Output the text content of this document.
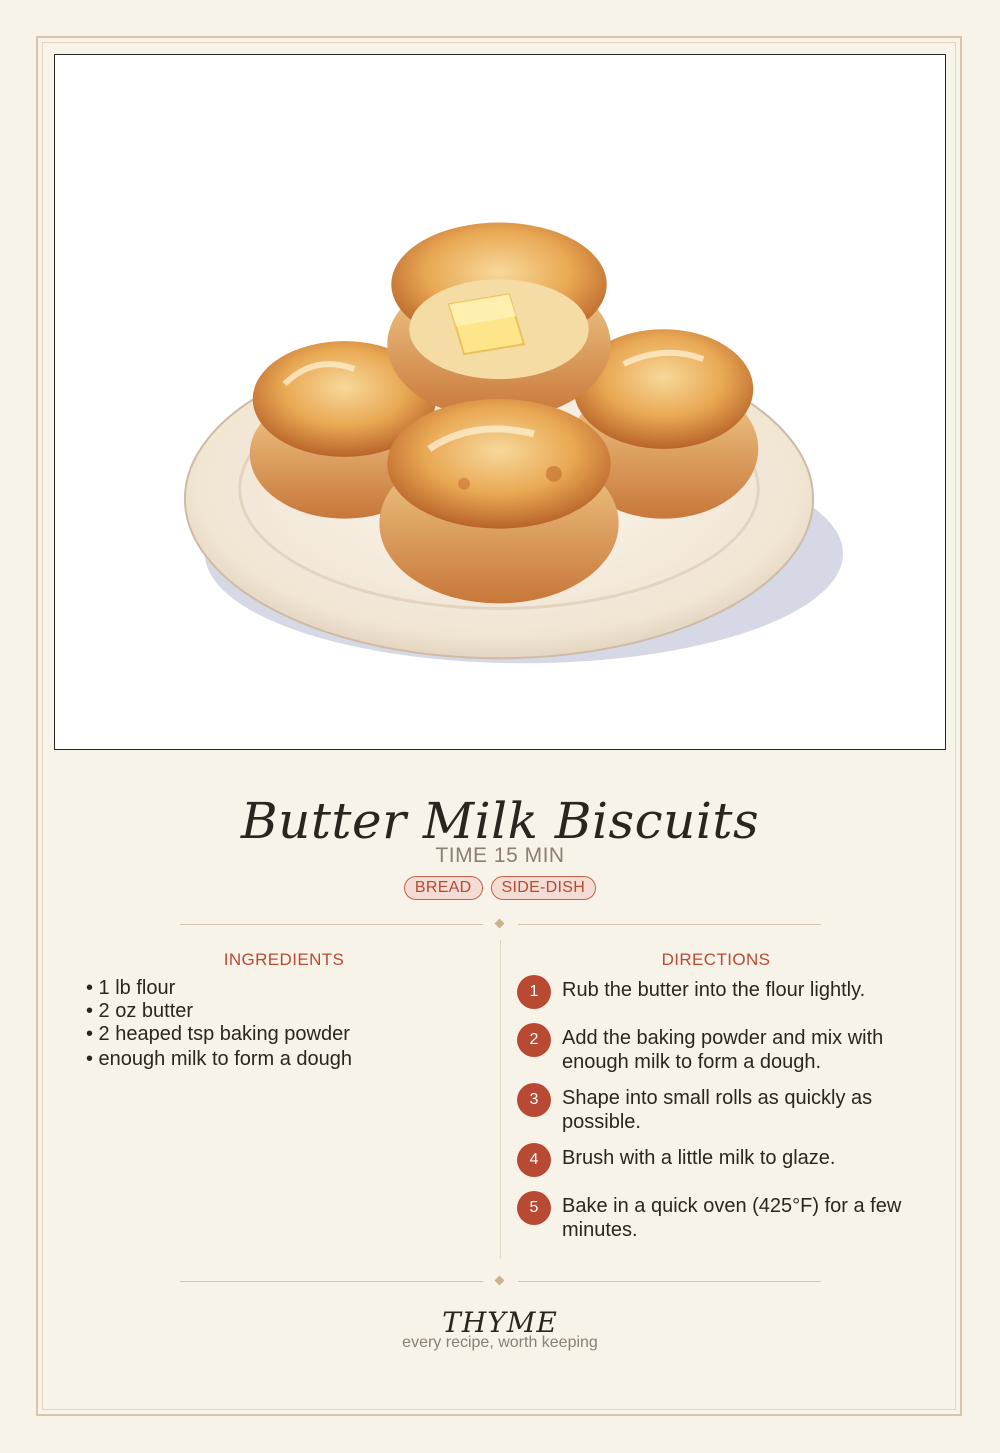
Butter Milk Biscuits
TIME 15 MIN
BREAD SIDE-DISH
INGREDIENTS
• 1 lb flour
• 2 oz butter
• 2 heaped tsp baking powder
• enough milk to form a dough
DIRECTIONS
1	Rub the butter into the flour lightly.
2	Add the baking powder and mix with enough milk to form a dough.
3	Shape into small rolls as quickly as possible.
4	Brush with a little milk to glaze.
5	Bake in a quick oven (425°F) for a few minutes.
THYME
every recipe, worth keeping
